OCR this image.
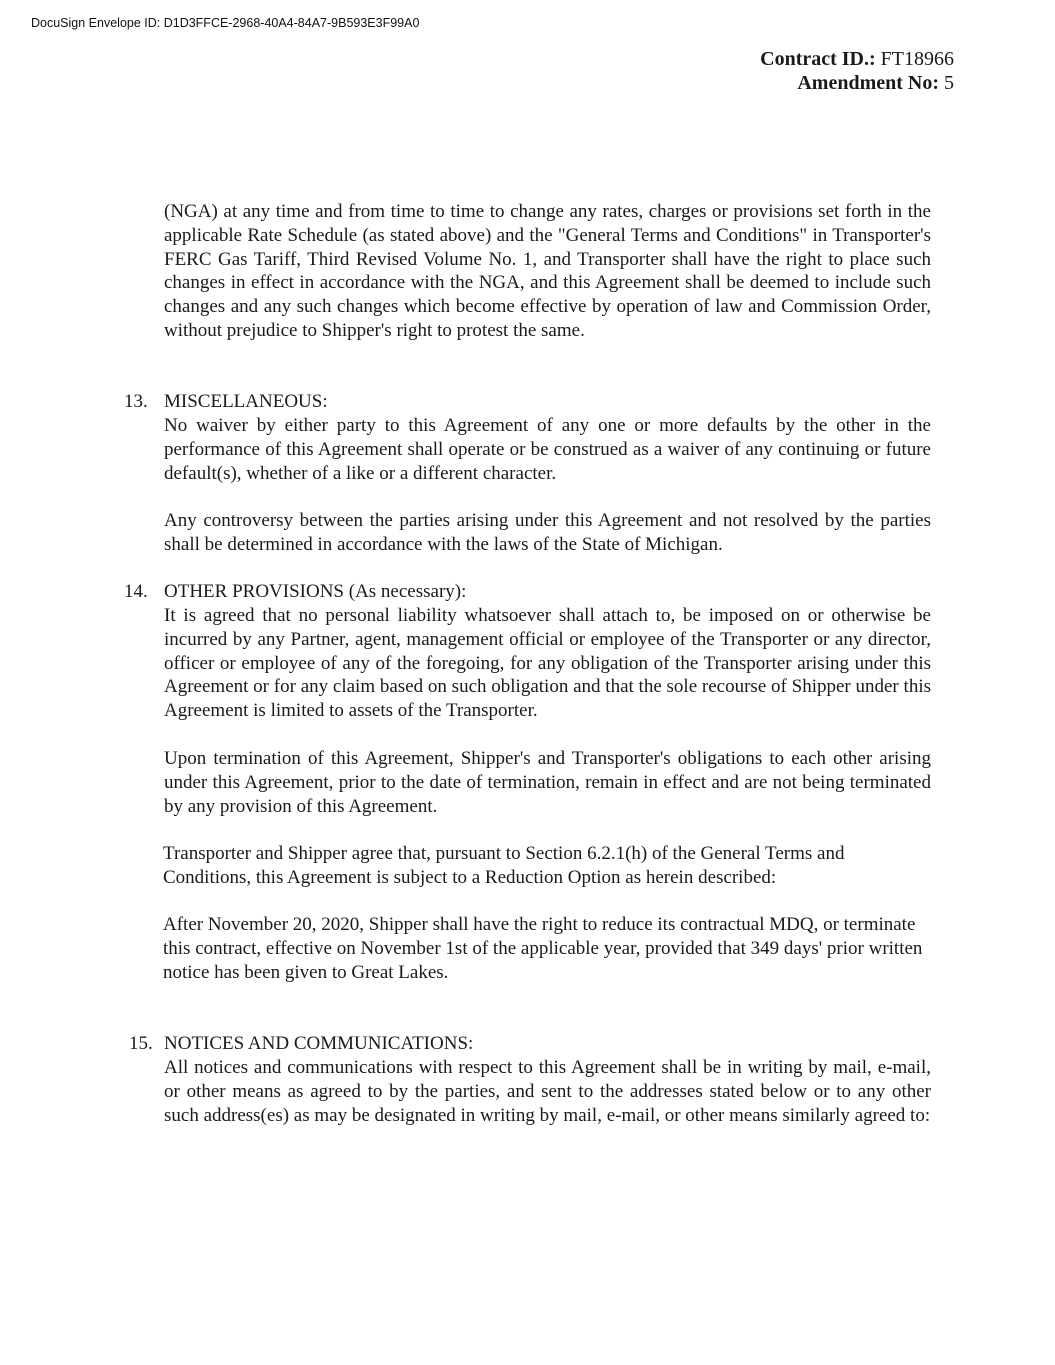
DocuSign Envelope ID: D1D3FFCE-2968-40A4-84A7-9B593E3F99A0
Contract ID.: FT18966
Amendment No: 5

(NGA) at any time and from time to time to change any rates, charges or provisions set forth in the applicable Rate Schedule (as stated above) and the "General Terms and Conditions" in Transporter's FERC Gas Tariff, Third Revised Volume No. 1, and Transporter shall have the right to place such changes in effect in accordance with the NGA, and this Agreement shall be deemed to include such changes and any such changes which become effective by operation of law and Commission Order, without prejudice to Shipper's right to protest the same.

13. MISCELLANEOUS:

No waiver by either party to this Agreement of any one or more defaults by the other in the performance of this Agreement shall operate or be construed as a waiver of any continuing or future default(s), whether of a like or a different character.

Any controversy between the parties arising under this Agreement and not resolved by the parties shall be determined in accordance with the laws of the State of Michigan.

14. OTHER PROVISIONS (As necessary):

It is agreed that no personal liability whatsoever shall attach to, be imposed on or otherwise be incurred by any Partner, agent, management official or employee of the Transporter or any director, officer or employee of any of the foregoing, for any obligation of the Transporter arising under this Agreement or for any claim based on such obligation and that the sole recourse of Shipper under this Agreement is limited to assets of the Transporter.

Upon termination of this Agreement, Shipper's and Transporter's obligations to each other arising under this Agreement, prior to the date of termination, remain in effect and are not being terminated by any provision of this Agreement.

Transporter and Shipper agree that, pursuant to Section 6.2.1(h) of the General Terms and Conditions, this Agreement is subject to a Reduction Option as herein described:

After November 20, 2020, Shipper shall have the right to reduce its contractual MDQ, or terminate this contract, effective on November 1st of the applicable year, provided that 349 days' prior written notice has been given to Great Lakes.

15. NOTICES AND COMMUNICATIONS:

All notices and communications with respect to this Agreement shall be in writing by mail, e-mail, or other means as agreed to by the parties, and sent to the addresses stated below or to any other such address(es) as may be designated in writing by mail, e-mail, or other means similarly agreed to:
